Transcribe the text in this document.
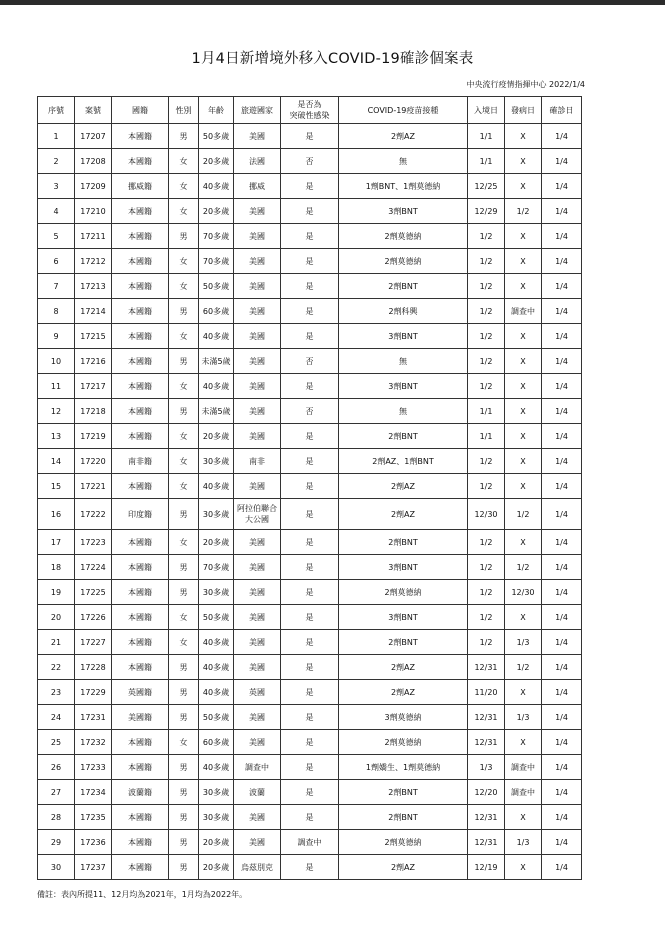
1月4日新增境外移入COVID-19確診個案表
中央流行疫情指揮中心 2022/1/4
序號	案號	國籍	性別	年齡	旅遊國家	是否為
突破性感染	COVID-19疫苗接種	入境日	發病日	確診日
1	17207	本國籍	男	50多歲	美國	是	2劑AZ	1/1	X	1/4
2	17208	本國籍	女	20多歲	法國	否	無	1/1	X	1/4
3	17209	挪威籍	女	40多歲	挪威	是	1劑BNT、1劑莫德納	12/25	X	1/4
4	17210	本國籍	女	20多歲	美國	是	3劑BNT	12/29	1/2	1/4
5	17211	本國籍	男	70多歲	美國	是	2劑莫德納	1/2	X	1/4
6	17212	本國籍	女	70多歲	美國	是	2劑莫德納	1/2	X	1/4
7	17213	本國籍	女	50多歲	美國	是	2劑BNT	1/2	X	1/4
8	17214	本國籍	男	60多歲	美國	是	2劑科興	1/2	調查中	1/4
9	17215	本國籍	女	40多歲	美國	是	3劑BNT	1/2	X	1/4
10	17216	本國籍	男	未滿5歲	美國	否	無	1/2	X	1/4
11	17217	本國籍	女	40多歲	美國	是	3劑BNT	1/2	X	1/4
12	17218	本國籍	男	未滿5歲	美國	否	無	1/1	X	1/4
13	17219	本國籍	女	20多歲	美國	是	2劑BNT	1/1	X	1/4
14	17220	南非籍	女	30多歲	南非	是	2劑AZ、1劑BNT	1/2	X	1/4
15	17221	本國籍	女	40多歲	美國	是	2劑AZ	1/2	X	1/4
16	17222	印度籍	男	30多歲	阿拉伯聯合
大公國	是	2劑AZ	12/30	1/2	1/4
17	17223	本國籍	女	20多歲	美國	是	2劑BNT	1/2	X	1/4
18	17224	本國籍	男	70多歲	美國	是	3劑BNT	1/2	1/2	1/4
19	17225	本國籍	男	30多歲	美國	是	2劑莫德納	1/2	12/30	1/4
20	17226	本國籍	女	50多歲	美國	是	3劑BNT	1/2	X	1/4
21	17227	本國籍	女	40多歲	美國	是	2劑BNT	1/2	1/3	1/4
22	17228	本國籍	男	40多歲	美國	是	2劑AZ	12/31	1/2	1/4
23	17229	英國籍	男	40多歲	英國	是	2劑AZ	11/20	X	1/4
24	17231	美國籍	男	50多歲	美國	是	3劑莫德納	12/31	1/3	1/4
25	17232	本國籍	女	60多歲	美國	是	2劑莫德納	12/31	X	1/4
26	17233	本國籍	男	40多歲	調查中	是	1劑嬌生、1劑莫德納	1/3	調查中	1/4
27	17234	波蘭籍	男	30多歲	波蘭	是	2劑BNT	12/20	調查中	1/4
28	17235	本國籍	男	30多歲	美國	是	2劑BNT	12/31	X	1/4
29	17236	本國籍	男	20多歲	美國	調查中	2劑莫德納	12/31	1/3	1/4
30	17237	本國籍	男	20多歲	烏茲別克	是	2劑AZ	12/19	X	1/4
備註：表內所提11、12月均為2021年，1月均為2022年。
